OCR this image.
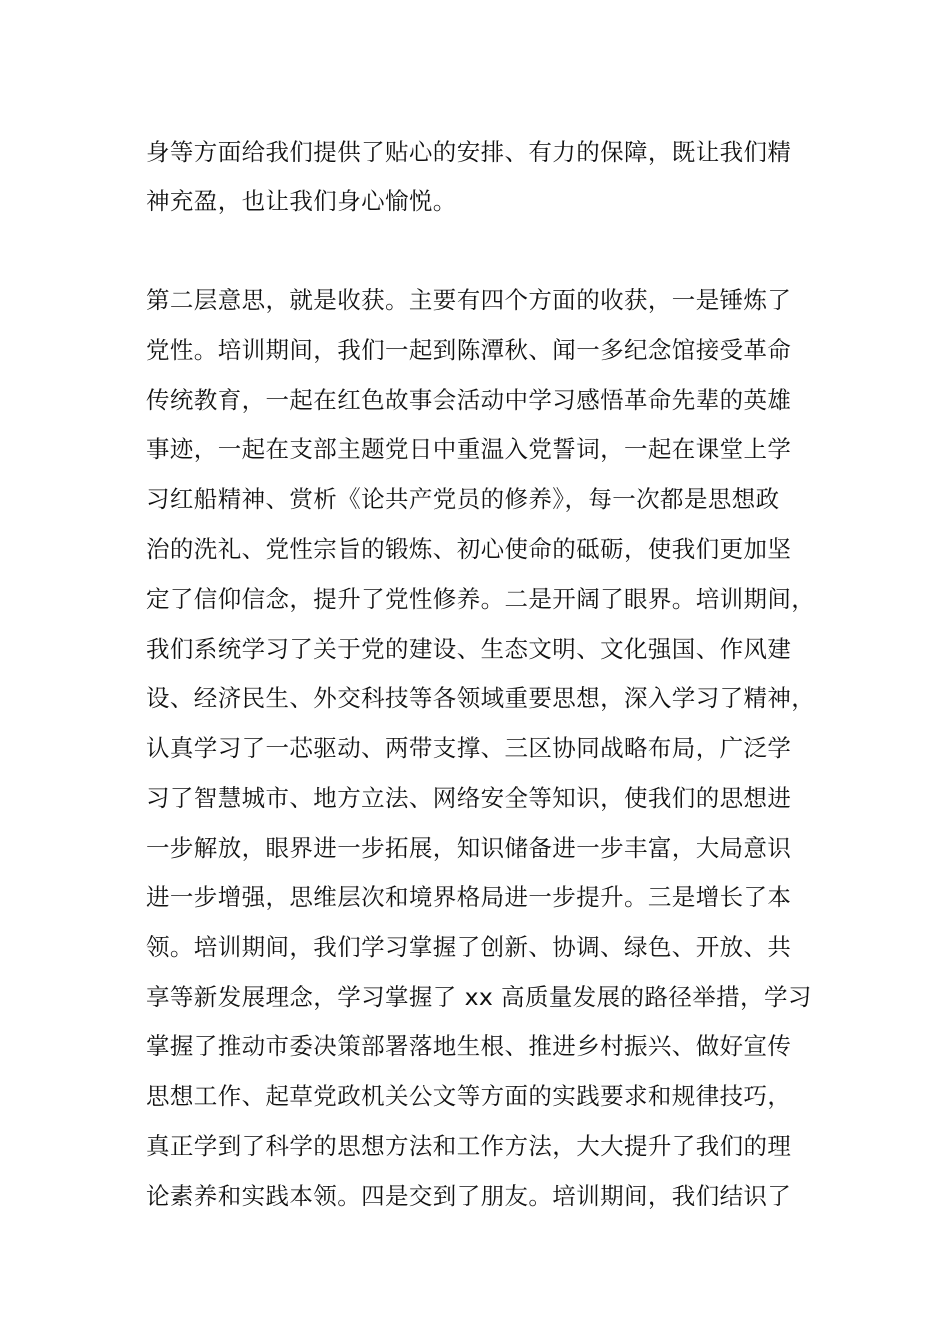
身等方面给我们提供了贴心的安排、有力的保障，既让我们精
神充盈，也让我们身心愉悦。
第二层意思，就是收获。主要有四个方面的收获，一是锤炼了
党性。培训期间，我们一起到陈潭秋、闻一多纪念馆接受革命
传统教育，一起在红色故事会活动中学习感悟革命先辈的英雄
事迹，一起在支部主题党日中重温入党誓词，一起在课堂上学
习红船精神、赏析《论共产党员的修养》，每一次都是思想政
治的洗礼、党性宗旨的锻炼、初心使命的砥砺，使我们更加坚
定了信仰信念，提升了党性修养。二是开阔了眼界。培训期间，
我们系统学习了关于党的建设、生态文明、文化强国、作风建
设、经济民生、外交科技等各领域重要思想，深入学习了精神，
认真学习了一芯驱动、两带支撑、三区协同战略布局，广泛学
习了智慧城市、地方立法、网络安全等知识，使我们的思想进
一步解放，眼界进一步拓展，知识储备进一步丰富，大局意识
进一步增强，思维层次和境界格局进一步提升。三是增长了本
领。培训期间，我们学习掌握了创新、协调、绿色、开放、共
享等新发展理念，学习掌握了 xx 高质量发展的路径举措，学习
掌握了推动市委决策部署落地生根、推进乡村振兴、做好宣传
思想工作、起草党政机关公文等方面的实践要求和规律技巧，
真正学到了科学的思想方法和工作方法，大大提升了我们的理
论素养和实践本领。四是交到了朋友。培训期间，我们结识了
